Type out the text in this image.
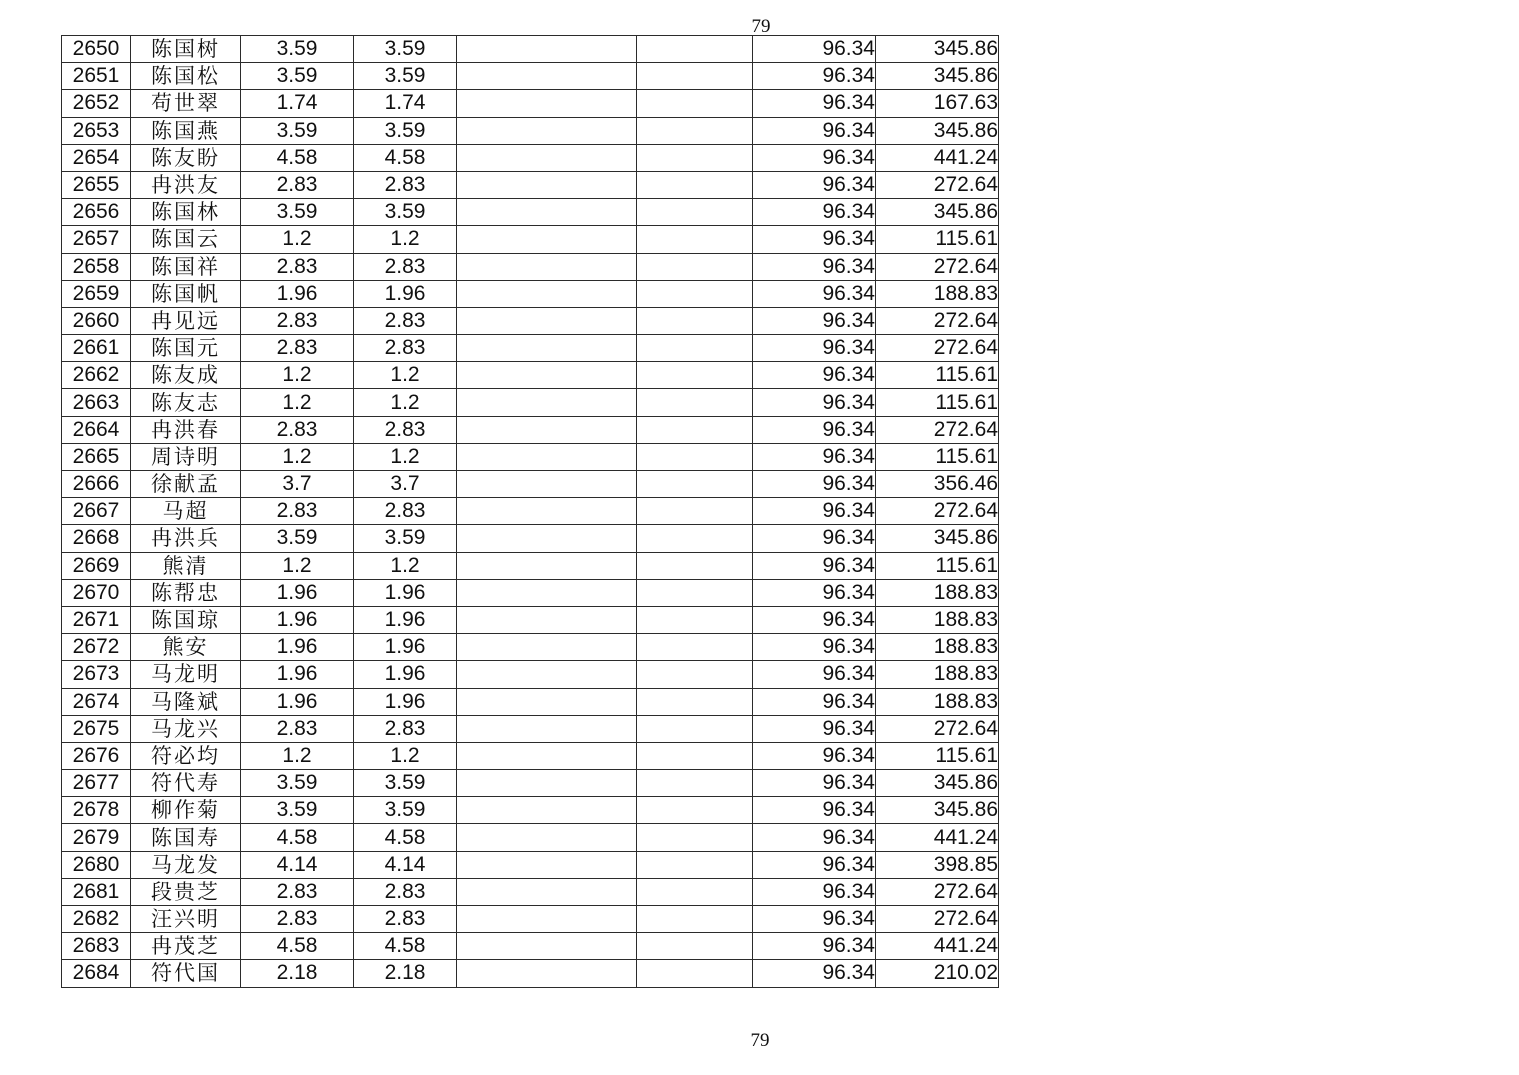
79
2650	陈国树	3.59	3.59			96.34	345.86
2651	陈国松	3.59	3.59			96.34	345.86
2652	苟世翠	1.74	1.74			96.34	167.63
2653	陈国燕	3.59	3.59			96.34	345.86
2654	陈友盼	4.58	4.58			96.34	441.24
2655	冉洪友	2.83	2.83			96.34	272.64
2656	陈国林	3.59	3.59			96.34	345.86
2657	陈国云	1.2	1.2			96.34	115.61
2658	陈国祥	2.83	2.83			96.34	272.64
2659	陈国帆	1.96	1.96			96.34	188.83
2660	冉见远	2.83	2.83			96.34	272.64
2661	陈国元	2.83	2.83			96.34	272.64
2662	陈友成	1.2	1.2			96.34	115.61
2663	陈友志	1.2	1.2			96.34	115.61
2664	冉洪春	2.83	2.83			96.34	272.64
2665	周诗明	1.2	1.2			96.34	115.61
2666	徐献孟	3.7	3.7			96.34	356.46
2667	马超	2.83	2.83			96.34	272.64
2668	冉洪兵	3.59	3.59			96.34	345.86
2669	熊清	1.2	1.2			96.34	115.61
2670	陈帮忠	1.96	1.96			96.34	188.83
2671	陈国琼	1.96	1.96			96.34	188.83
2672	熊安	1.96	1.96			96.34	188.83
2673	马龙明	1.96	1.96			96.34	188.83
2674	马隆斌	1.96	1.96			96.34	188.83
2675	马龙兴	2.83	2.83			96.34	272.64
2676	符必均	1.2	1.2			96.34	115.61
2677	符代寿	3.59	3.59			96.34	345.86
2678	柳作菊	3.59	3.59			96.34	345.86
2679	陈国寿	4.58	4.58			96.34	441.24
2680	马龙发	4.14	4.14			96.34	398.85
2681	段贵芝	2.83	2.83			96.34	272.64
2682	汪兴明	2.83	2.83			96.34	272.64
2683	冉茂芝	4.58	4.58			96.34	441.24
2684	符代国	2.18	2.18			96.34	210.02
79
